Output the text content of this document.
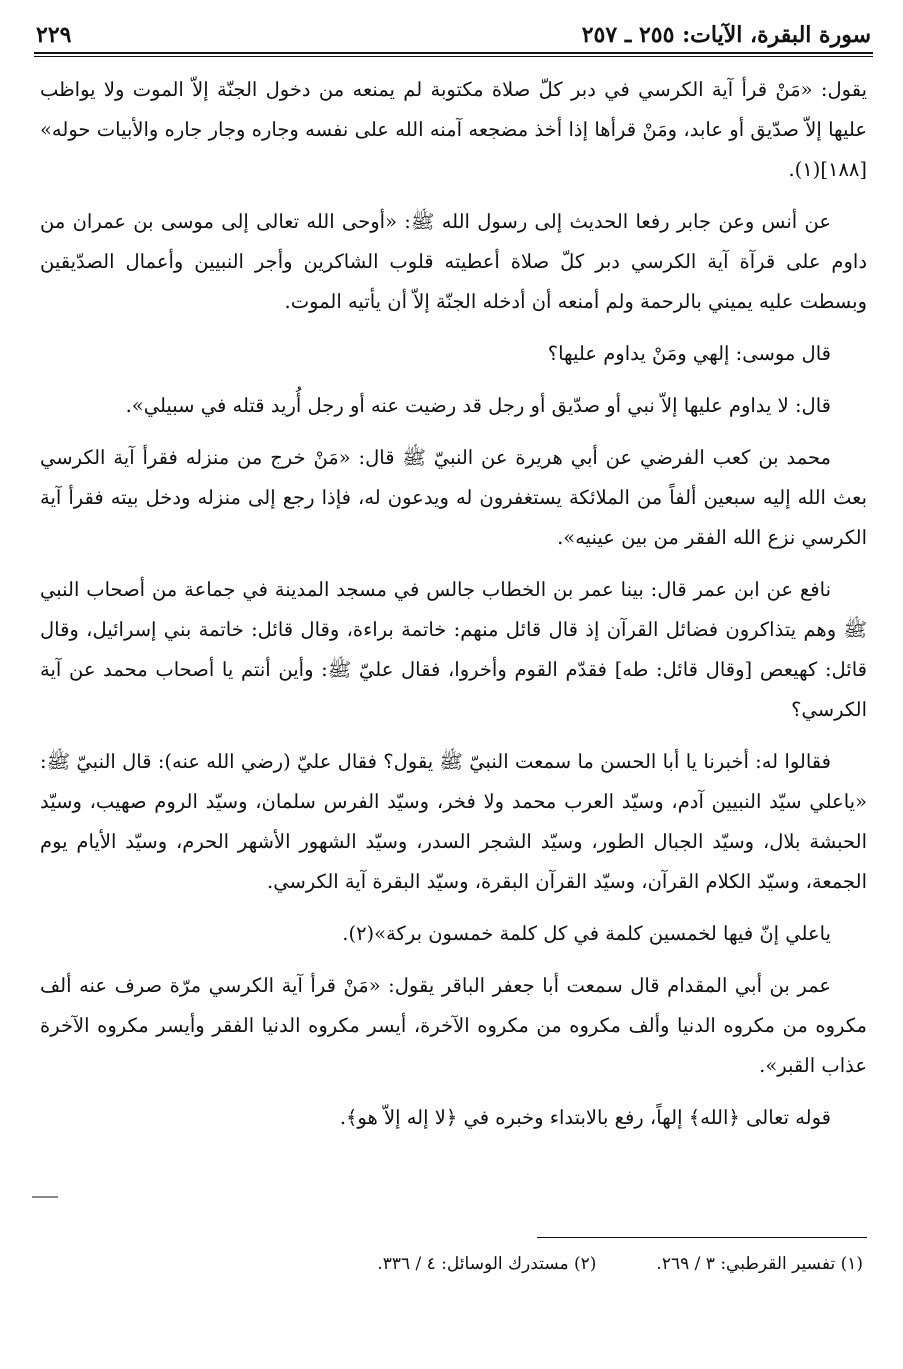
سورة البقرة، الآيات: ٢٥٥ ـ ٢٥٧
٢٢٩

يقول: «مَنْ قرأ آية الكرسي في دبر كلّ صلاة مكتوبة لم يمنعه من دخول الجنّة إلاّ الموت ولا يواظب عليها إلاّ صدّيق أو عابد، ومَنْ قرأها إذا أخذ مضجعه آمنه الله على نفسه وجاره وجار جاره والأبيات حوله» [١٨٨](١).

عن أنس وعن جابر رفعا الحديث إلى رسول الله ﷺ: «أوحى الله تعالى إلى موسى بن عمران من داوم على قرآة آية الكرسي دبر كلّ صلاة أعطيته قلوب الشاكرين وأجر النبيين وأعمال الصدّيقين وبسطت عليه يميني بالرحمة ولم أمنعه أن أدخله الجنّة إلاّ أن يأتيه الموت.

قال موسى: إلهي ومَنْ يداوم عليها؟

قال: لا يداوم عليها إلاّ نبي أو صدّيق أو رجل قد رضيت عنه أو رجل أُريد قتله في سبيلي».

محمد بن كعب الفرضي عن أبي هريرة عن النبيّ ﷺ قال: «مَنْ خرج من منزله فقرأ آية الكرسي بعث الله إليه سبعين ألفاً من الملائكة يستغفرون له ويدعون له، فإذا رجع إلى منزله ودخل بيته فقرأ آية الكرسي نزع الله الفقر من بين عينيه».

نافع عن ابن عمر قال: بينا عمر بن الخطاب جالس في مسجد المدينة في جماعة من أصحاب النبي ﷺ وهم يتذاكرون فضائل القرآن إذ قال قائل منهم: خاتمة براءة، وقال قائل: خاتمة بني إسرائيل، وقال قائل: كهيعص [وقال قائل: طه] فقدّم القوم وأخروا، فقال عليّ ﷺ: وأين أنتم يا أصحاب محمد عن آية الكرسي؟

فقالوا له: أخبرنا يا أبا الحسن ما سمعت النبيّ ﷺ يقول؟ فقال عليّ (رضي الله عنه): قال النبيّ ﷺ: «ياعلي سيّد النبيين آدم، وسيّد العرب محمد ولا فخر، وسيّد الفرس سلمان، وسيّد الروم صهيب، وسيّد الحبشة بلال، وسيّد الجبال الطور، وسيّد الشجر السدر، وسيّد الشهور الأشهر الحرم، وسيّد الأيام يوم الجمعة، وسيّد الكلام القرآن، وسيّد القرآن البقرة، وسيّد البقرة آية الكرسي.

ياعلي إنّ فيها لخمسين كلمة في كل كلمة خمسون بركة»(٢).

عمر بن أبي المقدام قال سمعت أبا جعفر الباقر يقول: «مَنْ قرأ آية الكرسي مرّة صرف عنه ألف مكروه من مكروه الدنيا وألف مكروه من مكروه الآخرة، أيسر مكروه الدنيا الفقر وأيسر مكروه الآخرة عذاب القبر».

قوله تعالى ﴿الله﴾ إلهاً، رفع بالابتداء وخبره في ﴿لا إله إلاّ هو﴾.

(١) تفسير القرطبي: ٣ / ٢٦٩.
(٢) مستدرك الوسائل: ٤ / ٣٣٦.
